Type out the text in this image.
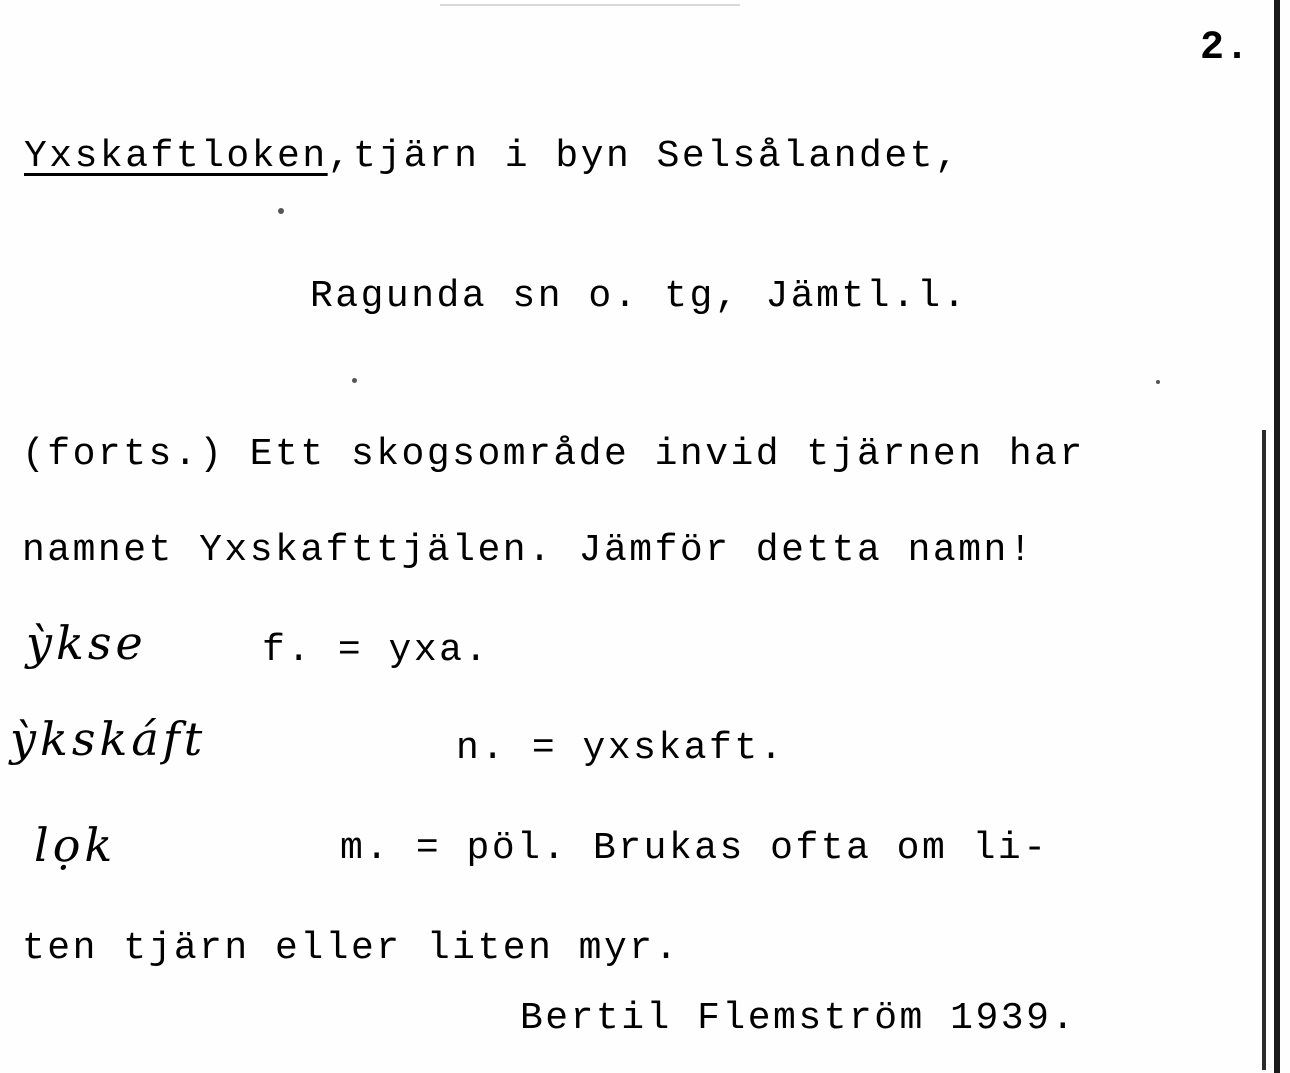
2.
Yxskaftloken,tjärn i byn Selsålandet,
Ragunda sn o. tg, Jämtl.l.
(forts.) Ett skogsområde invid tjärnen har
namnet Yxskafttjälen. Jämför detta namn!
ỳkse	f. = yxa.
ỳkskáft	n. = yxskaft.
lọk	m. = pöl. Brukas ofta om li-
ten tjärn eller liten myr.
Bertil Flemström 1939.
